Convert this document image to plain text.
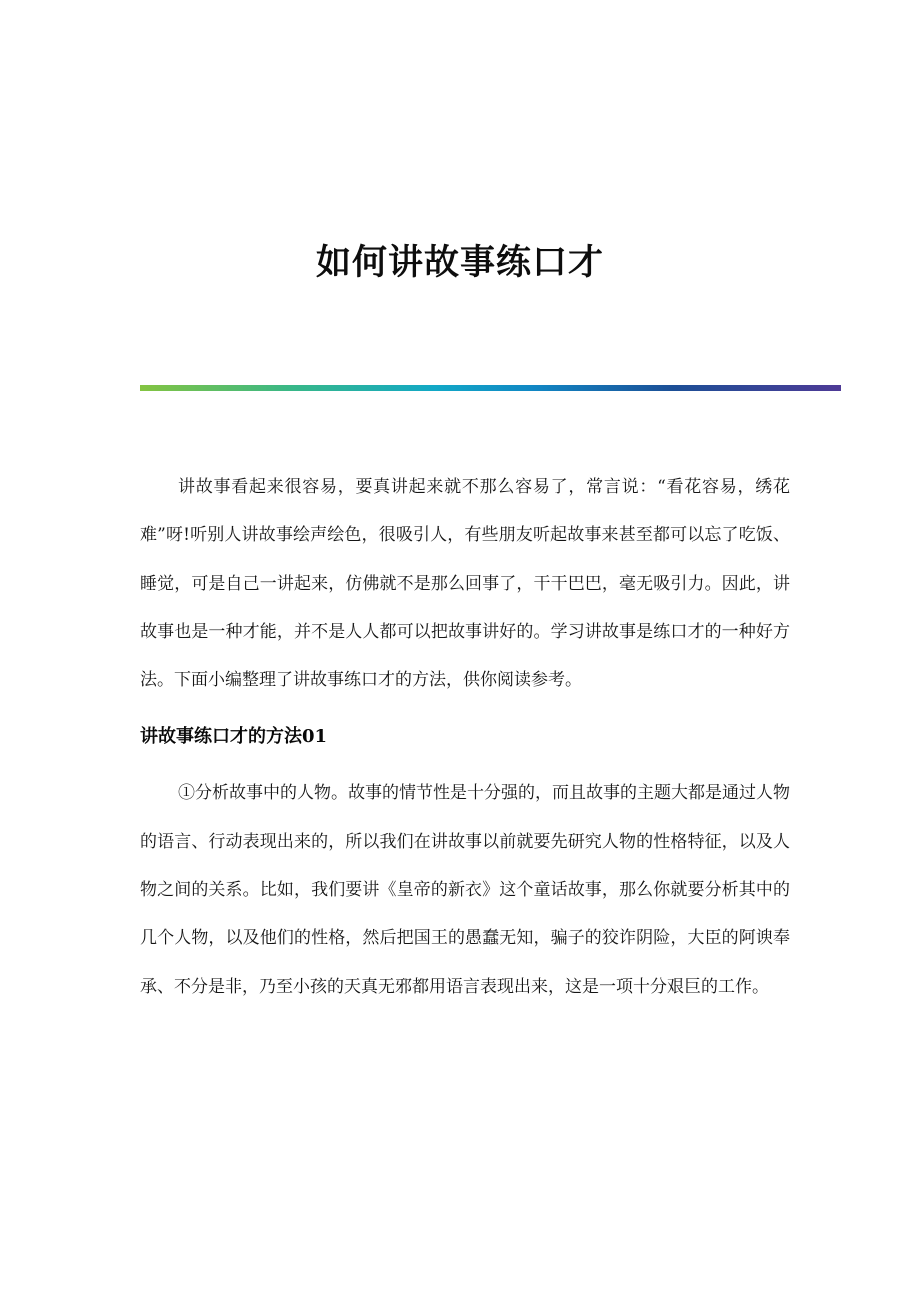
如何讲故事练口才

讲故事看起来很容易，要真讲起来就不那么容易了，常言说：“看花容易，绣花难”呀!听别人讲故事绘声绘色，很吸引人，有些朋友听起故事来甚至都可以忘了吃饭、睡觉，可是自己一讲起来，仿佛就不是那么回事了，干干巴巴，毫无吸引力。因此，讲故事也是一种才能，并不是人人都可以把故事讲好的。学习讲故事是练口才的一种好方法。下面小编整理了讲故事练口才的方法，供你阅读参考。

讲故事练口才的方法01

①分析故事中的人物。故事的情节性是十分强的，而且故事的主题大都是通过人物的语言、行动表现出来的，所以我们在讲故事以前就要先研究人物的性格特征，以及人物之间的关系。比如，我们要讲《皇帝的新衣》这个童话故事，那么你就要分析其中的几个人物，以及他们的性格，然后把国王的愚蠢无知，骗子的狡诈阴险，大臣的阿谀奉承、不分是非，乃至小孩的天真无邪都用语言表现出来，这是一项十分艰巨的工作。
